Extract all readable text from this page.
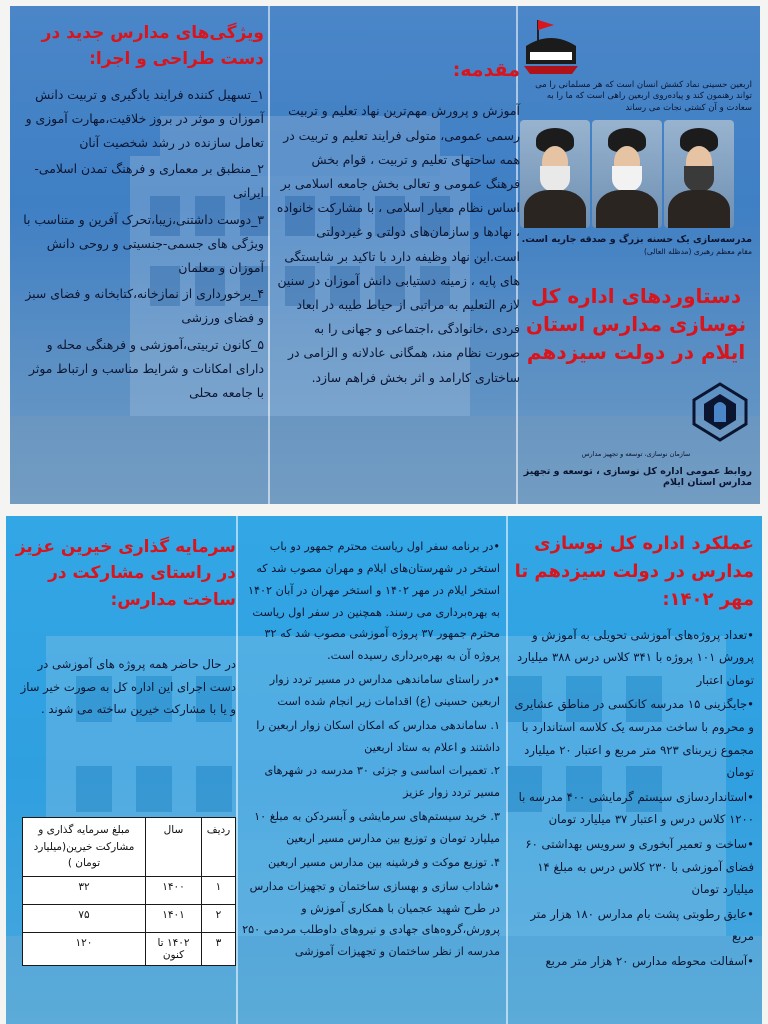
ویژگی‌های مدارس جدید در دست طراحی و اجرا:

۱_تسهیل کننده فرایند یادگیری و تربیت دانش آموزان و موثر در بروز خلاقیت،مهارت آموزی و تعامل سازنده در رشد شخصیت آنان

۲_منطبق بر معماری و فرهنگ تمدن اسلامی- ایرانی

۳_دوست داشتنی،زیبا،تحرک آفرین و متناسب با ویژگی های جسمی-جنسیتی و روحی دانش آموزان و معلمان

۴_برخورداری از نمازخانه،کتابخانه و فضای سبز و فضای ورزشی

۵_کانون تربیتی،آموزشی و فرهنگی محله و دارای امکانات و شرایط مناسب و ارتباط موثر با جامعه محلی

مقدمه:

آموزش و پرورش مهم‌ترین نهاد تعلیم و تربیت رسمی عمومی، متولی فرایند تعلیم و تربیت در همه ساحتهای تعلیم و تربیت ، قوام بخش فرهنگ عمومی و تعالی بخش جامعه اسلامی بر اساس نظام معیار اسلامی ، با مشارکت خانواده ، نهادها و سازمان‌های دولتی و غیردولتی است.این نهاد وظیفه دارد با تاکید بر شایستگی های پایه ، زمینه دستیابی دانش آموزان در سنین لازم التعلیم به مراتبی از حیاط طیبه در ابعاد فردی ،خانوادگی ،اجتماعی و جهانی را به صورت نظام مند، همگانی عادلانه و الزامی در ساختاری کارامد و اثر بخش فراهم سازد.

اربعین حسینی نماد کشش انسان است که هر مسلمانی را می تواند رهنمون کند و پیاده‌روی اربعین راهی است که ما را به سعادت و آن کشتی نجات می رساند

مدرسه‌سازی یک حسنه بزرگ و صدقه جاریه است.

مقام معظم رهبری (مدظله العالی)

دستاوردهای اداره کل نوسازی مدارس استان ایلام در دولت سیزدهم

سازمان نوسازی، توسعه و تجهیز مدارس

روابط عمومی اداره کل نوسازی ، توسعه و تجهیز مدارس استان ایلام

عملکرد اداره کل نوسازی مدارس در دولت سیزدهم تا مهر ۱۴۰۲:

•تعداد پروژه‌های آموزشی تحویلی به آموزش و پرورش ۱۰۱ پروژه با ۳۴۱ کلاس درس ۳۸۸ میلیارد تومان اعتبار

•جایگزینی ۱۵ مدرسه کانکسی در مناطق عشایری و محروم با ساخت مدرسه یک کلاسه استاندارد با مجموع زیربنای ۹۲۳ متر مربع و اعتبار ۲۰ میلیارد تومان

•استانداردسازی سیستم گرمایشی ۴۰۰ مدرسه با ۱۲۰۰ کلاس درس و اعتبار ۳۷ میلیارد تومان

•ساخت و تعمیر آبخوری و سرویس بهداشتی ۶۰ فضای آموزشی با ۲۳۰ کلاس درس به مبلغ ۱۴ میلیارد تومان

•عایق رطوبتی پشت بام مدارس ۱۸۰ هزار متر مربع

•آسفالت محوطه مدارس ۲۰ هزار متر مربع

•در برنامه سفر اول ریاست محترم جمهور دو باب استخر در شهرستان‌های ایلام و مهران مصوب شد که استخر ایلام در مهر ۱۴۰۲ و استخر مهران در آبان ۱۴۰۲ به بهره‌برداری می رسند. همچنین در سفر اول ریاست محترم جمهور ۳۷ پروژه آموزشی مصوب شد که ۳۲ پروژه آن به بهره‌برداری رسیده است.

•در راستای ساماندهی مدارس در مسیر تردد زوار اربعین حسینی (ع) اقدامات زیر انجام شده است

۱. ساماندهی مدارس که امکان اسکان زوار اربعین را داشتند و اعلام به ستاد اربعین

۲. تعمیرات اساسی و جزئی ۳۰ مدرسه در شهرهای مسیر تردد زوار عزیز

۳. خرید سیستم‌های سرمایشی و آبسردکن به مبلغ ۱۰ میلیارد تومان و توزیع بین مدارس مسیر اربعین

۴. توزیع موکت و فرشینه بین مدارس مسیر اربعین

•شاداب سازی و بهسازی ساختمان و تجهیزات مدارس در طرح شهید عجمیان با همکاری آموزش و پرورش،گروه‌های جهادی و نیروهای داوطلب مردمی ۲۵۰ مدرسه از نظر ساختمان و تجهیزات آموزشی

سرمایه گذاری خیرین عزیز در راستای مشارکت در ساخت مدارس:

در حال حاضر همه پروژه های آموزشی در دست اجرای این اداره کل به صورت خیر ساز و یا با مشارکت خیرین ساخته می شوند .

ردیف	سال	مبلغ سرمایه گذاری و مشارکت خیرین(میلیارد تومان )
۱	۱۴۰۰	۳۲
۲	۱۴۰۱	۷۵
۳	۱۴۰۲ تا کنون	۱۲۰
